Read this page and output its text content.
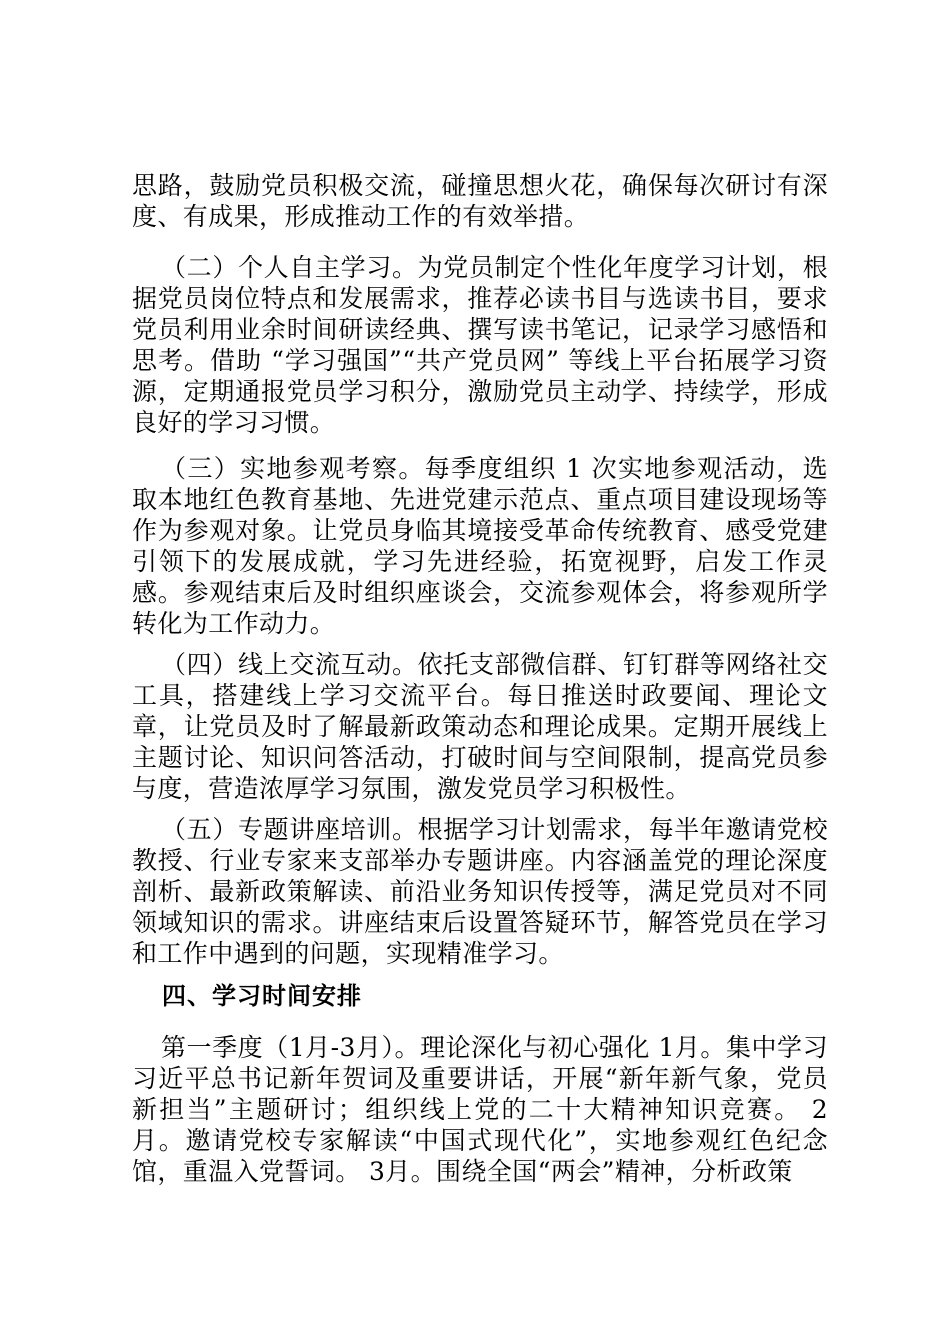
思路，鼓励党员积极交流，碰撞思想火花，确保每次研讨有深度、有成果，形成推动工作的有效举措。

（二）个人自主学习。为党员制定个性化年度学习计划，根据党员岗位特点和发展需求，推荐必读书目与选读书目，要求党员利用业余时间研读经典、撰写读书笔记，记录学习感悟和思考。借助 “学习强国”“共产党员网” 等线上平台拓展学习资源，定期通报党员学习积分，激励党员主动学、持续学，形成良好的学习习惯。

（三）实地参观考察。每季度组织 1 次实地参观活动，选取本地红色教育基地、先进党建示范点、重点项目建设现场等作为参观对象。让党员身临其境接受革命传统教育、感受党建引领下的发展成就，学习先进经验，拓宽视野，启发工作灵感。参观结束后及时组织座谈会，交流参观体会，将参观所学转化为工作动力。

（四）线上交流互动。依托支部微信群、钉钉群等网络社交工具，搭建线上学习交流平台。每日推送时政要闻、理论文章，让党员及时了解最新政策动态和理论成果。定期开展线上主题讨论、知识问答活动，打破时间与空间限制，提高党员参与度，营造浓厚学习氛围，激发党员学习积极性。

（五）专题讲座培训。根据学习计划需求，每半年邀请党校教授、行业专家来支部举办专题讲座。内容涵盖党的理论深度剖析、最新政策解读、前沿业务知识传授等，满足党员对不同领域知识的需求。讲座结束后设置答疑环节，解答党员在学习和工作中遇到的问题，实现精准学习。

四、学习时间安排

第一季度（1月-3月）。理论深化与初心强化 1月。集中学习习近平总书记新年贺词及重要讲话，开展“新年新气象，党员新担当”主题研讨；组织线上党的二十大精神知识竞赛。 2月。邀请党校专家解读“中国式现代化”，实地参观红色纪念馆，重温入党誓词。 3月。围绕全国“两会”精神，分析政策
